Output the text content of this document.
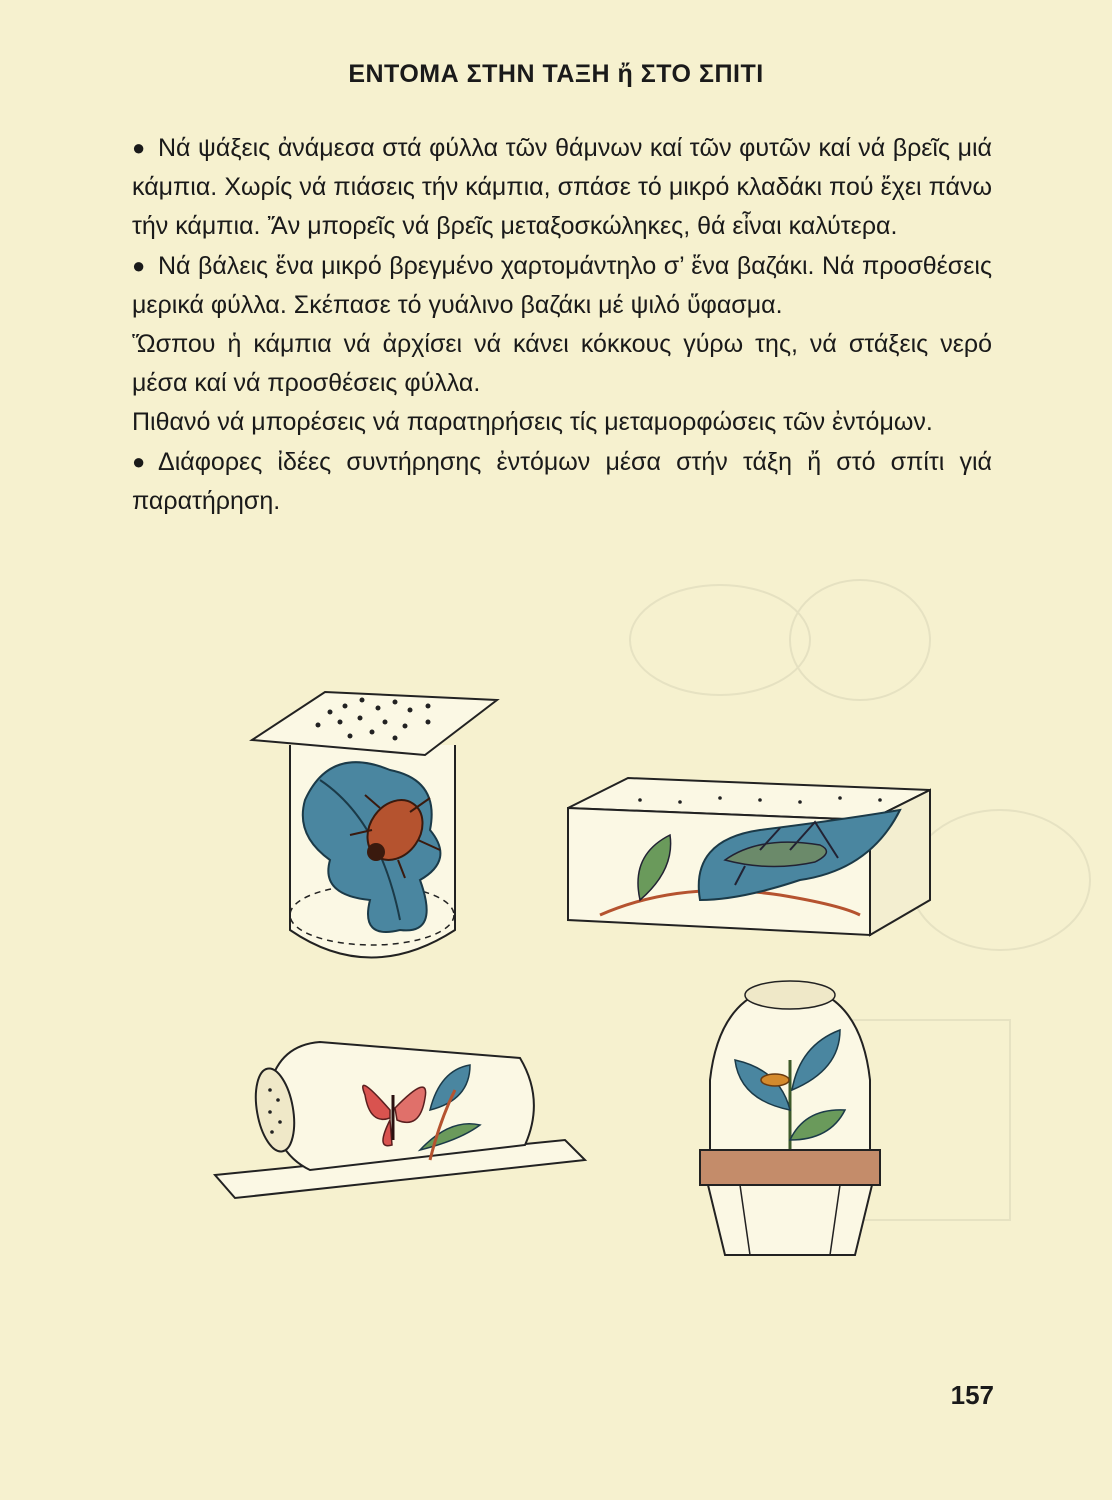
ΕΝΤΟΜΑ ΣΤΗΝ ΤΑΞΗ ἤ ΣΤΟ ΣΠΙΤΙ

● Νά ψάξεις ἀνάμεσα στά φύλλα τῶν θάμνων καί τῶν φυτῶν καί νά βρεῖς μιά κάμπια. Χωρίς νά πιάσεις τήν κάμπια, σπάσε τό μικρό κλαδάκι πού ἔχει πάνω τήν κάμπια. Ἄν μπορεῖς νά βρεῖς μεταξοσκώληκες, θά εἶναι καλύτερα.

● Νά βάλεις ἕνα μικρό βρεγμένο χαρτομάντηλο σ’ ἕνα βαζάκι. Νά προσθέσεις μερικά φύλλα. Σκέπασε τό γυάλινο βαζάκι μέ ψιλό ὕφασμα.

Ὥσπου ἡ κάμπια νά ἀρχίσει νά κάνει κόκκους γύρω της, νά στάξεις νερό μέσα καί νά προσθέσεις φύλλα.

Πιθανό νά μπορέσεις νά παρατηρήσεις τίς μεταμορφώσεις τῶν ἐντόμων.

● Διάφορες ἰδέες συντήρησης ἐντόμων μέσα στήν τάξη ἤ στό σπίτι γιά παρατήρηση.

157
